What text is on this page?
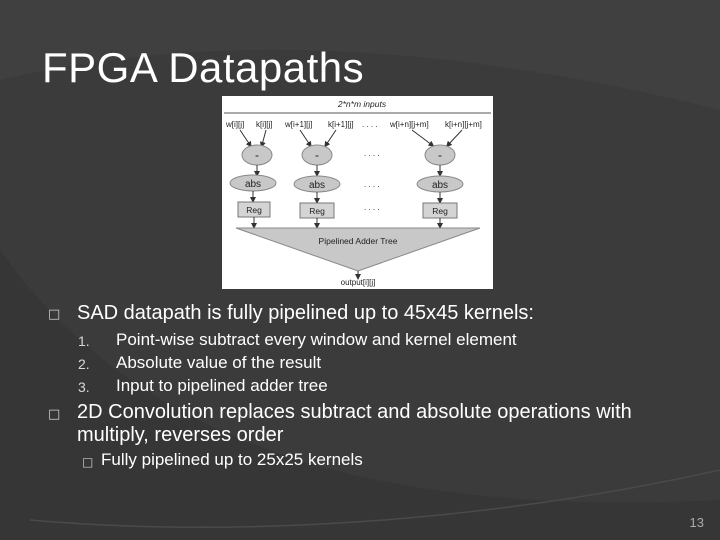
FPGA Datapaths
2*n*m inputs
w[i][j] k[i][j] w[i+1][j] k[i+1][j]	w[i+n][j+m] k[i+n][j+m]
. . . .
-	-	-
. . . .
abs	abs	abs
. . . .
Reg	Reg	Reg
. . . .
Pipelined Adder Tree
output[i][j]
□ SAD datapath is fully pipelined up to 45x45 kernels:
1. Point-wise subtract every window and kernel element
2. Absolute value of the result
3. Input to pipelined adder tree
□ 2D Convolution replaces subtract and absolute operations with multiply, reverses order
□ Fully pipelined up to 25x25 kernels
13
